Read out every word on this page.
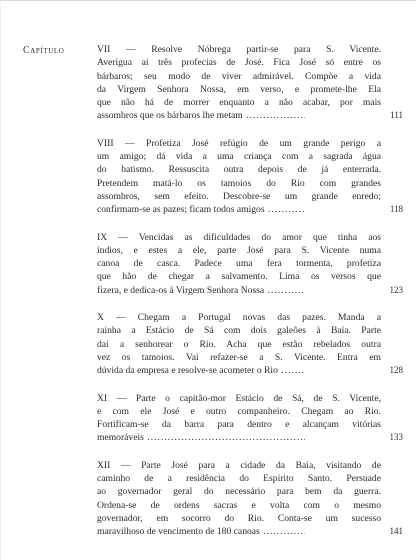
Capítulo	VII — Resolve Nóbrega partir-se para S. Vicente.
Averigua aí três profecias de José. Fica José só entre os
bárbaros; seu modo de viver admirável. Compõe a vida
da Virgem Senhora Nossa, em verso, e promete-lhe Ela
que não há de morrer enquanto a não acabar, por mais
assombros que os bárbaros lhe metam .....	111
VIII — Profetiza José refúgio de um grande perigo a
um amigo; dá vida a uma criança com a sagrada água
do batismo. Ressuscita outra depois de já enterrada.
Pretendem matá-lo os tamoios do Rio com grandes
assombros, sem efeito. Descobre-se um grande enredo;
confirmam-se as pazes; ficam todos amigos .....	118
IX — Vencidas as dificuldades do amor que tinha aos
índios, e estes a ele, parte José para S. Vicente numa
canoa de casca. Padece uma fera tormenta, profetiza
que hão de chegar a salvamento. Lima os versos que
fizera, e dedica-os à Virgem Senhora Nossa .....	123
X — Chegam a Portugal novas das pazes. Manda a
rainha a Estácio de Sá com dois galeões à Baía. Parte
daí a senhorear o Rio. Acha que estão rebelados outra
vez os tamoios. Vai refazer-se a S. Vicente. Entra em
dúvida da empresa e resolve-se acometer o Rio .....	128
XI — Parte o capitão-mor Estácio de Sá, de S. Vicente,
e com ele José e outro companheiro. Chegam ao Rio.
Fortificam-se da barra para dentro e alcançam vitórias
memoráveis .....	133
XII — Parte José para a cidade da Baía, visitando de
caminho de a residência do Espírito Santo. Persuade
ao governador geral do necessário para bem da guerra.
Ordena-se de ordens sacras e volta com o mesmo
governador, em socorro do Rio. Conta-se um sucesso
maravilhoso de vencimento de 180 canoas .....	141
